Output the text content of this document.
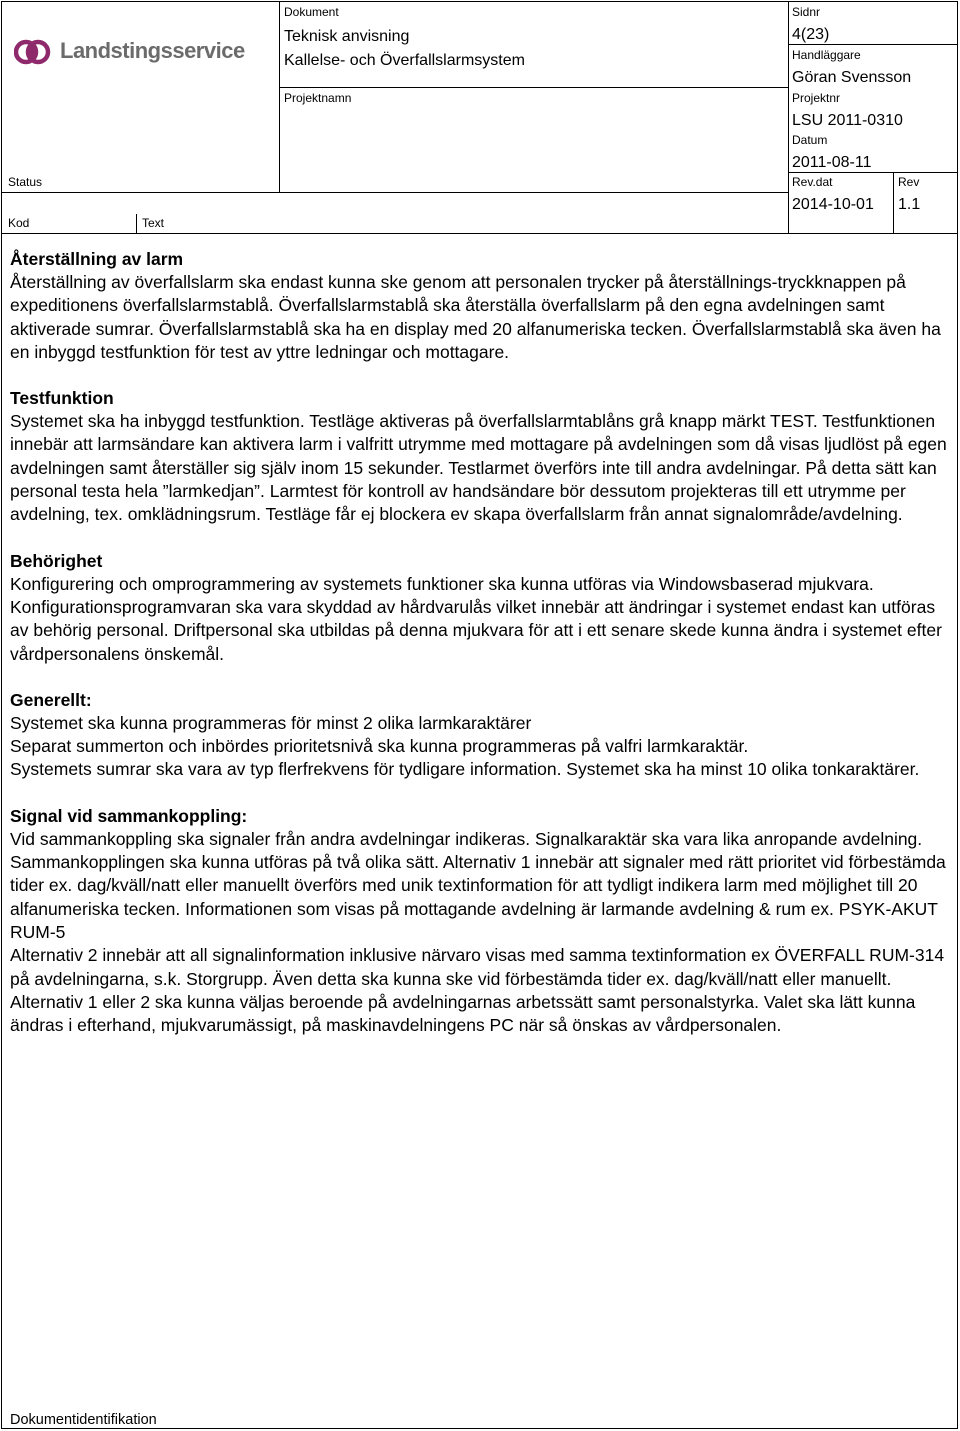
Landstingsservice
Dokument
Projektnamn
Status
Kod	Text
Sidnr
Handläggare
Projektnr
Datum
Rev.dat	Rev
Teknisk anvisning
Kallelse- och Överfallslarmsystem
4(23)
Göran Svensson
LSU 2011-0310
2011-08-11
2014-10-01 1.1
Återställning av larm

Återställning av överfallslarm ska endast kunna ske genom att personalen trycker på återställnings-tryckknappen på expeditionens överfallslarmstablå. Överfallslarmstablå ska återställa överfallslarm på den egna avdelningen samt aktiverade sumrar. Överfallslarmstablå ska ha en display med 20 alfanumeriska tecken. Överfallslarmstablå ska även ha en inbyggd testfunktion för test av yttre ledningar och mottagare.

Testfunktion

Systemet ska ha inbyggd testfunktion. Testläge aktiveras på överfallslarmtablåns grå knapp märkt TEST. Testfunktionen innebär att larmsändare kan aktivera larm i valfritt utrymme med mottagare på avdelningen som då visas ljudlöst på egen avdelningen samt återställer sig själv inom 15 sekunder. Testlarmet överförs inte till andra avdelningar. På detta sätt kan personal testa hela ”larmkedjan”. Larmtest för kontroll av handsändare bör dessutom projekteras till ett utrymme per avdelning, tex. omklädningsrum. Testläge får ej blockera ev skapa överfallslarm från annat signalområde/avdelning.

Behörighet

Konfigurering och omprogrammering av systemets funktioner ska kunna utföras via Windowsbaserad mjukvara. Konfigurationsprogramvaran ska vara skyddad av hårdvarulås vilket innebär att ändringar i systemet endast kan utföras av behörig personal. Driftpersonal ska utbildas på denna mjukvara för att i ett senare skede kunna ändra i systemet efter vårdpersonalens önskemål.

Generellt:

Systemet ska kunna programmeras för minst 2 olika larmkaraktärer

Separat summerton och inbördes prioritetsnivå ska kunna programmeras på valfri larmkaraktär.

Systemets sumrar ska vara av typ flerfrekvens för tydligare information. Systemet ska ha minst 10 olika tonkaraktärer.

Signal vid sammankoppling:

Vid sammankoppling ska signaler från andra avdelningar indikeras. Signalkaraktär ska vara lika anropande avdelning. Sammankopplingen ska kunna utföras på två olika sätt. Alternativ 1 innebär att signaler med rätt prioritet vid förbestämda tider ex. dag/kväll/natt eller manuellt överförs med unik textinformation för att tydligt indikera larm med möjlighet till 20 alfanumeriska tecken. Informationen som visas på mottagande avdelning är larmande avdelning & rum ex. PSYK-AKUT RUM-5

Alternativ 2 innebär att all signalinformation inklusive närvaro visas med samma textinformation ex ÖVERFALL RUM-314 på avdelningarna, s.k. Storgrupp. Även detta ska kunna ske vid förbestämda tider ex. dag/kväll/natt eller manuellt.

Alternativ 1 eller 2 ska kunna väljas beroende på avdelningarnas arbetssätt samt personalstyrka. Valet ska lätt kunna ändras i efterhand, mjukvarumässigt, på maskinavdelningens PC när så önskas av vårdpersonalen.

Dokumentidentifikation
